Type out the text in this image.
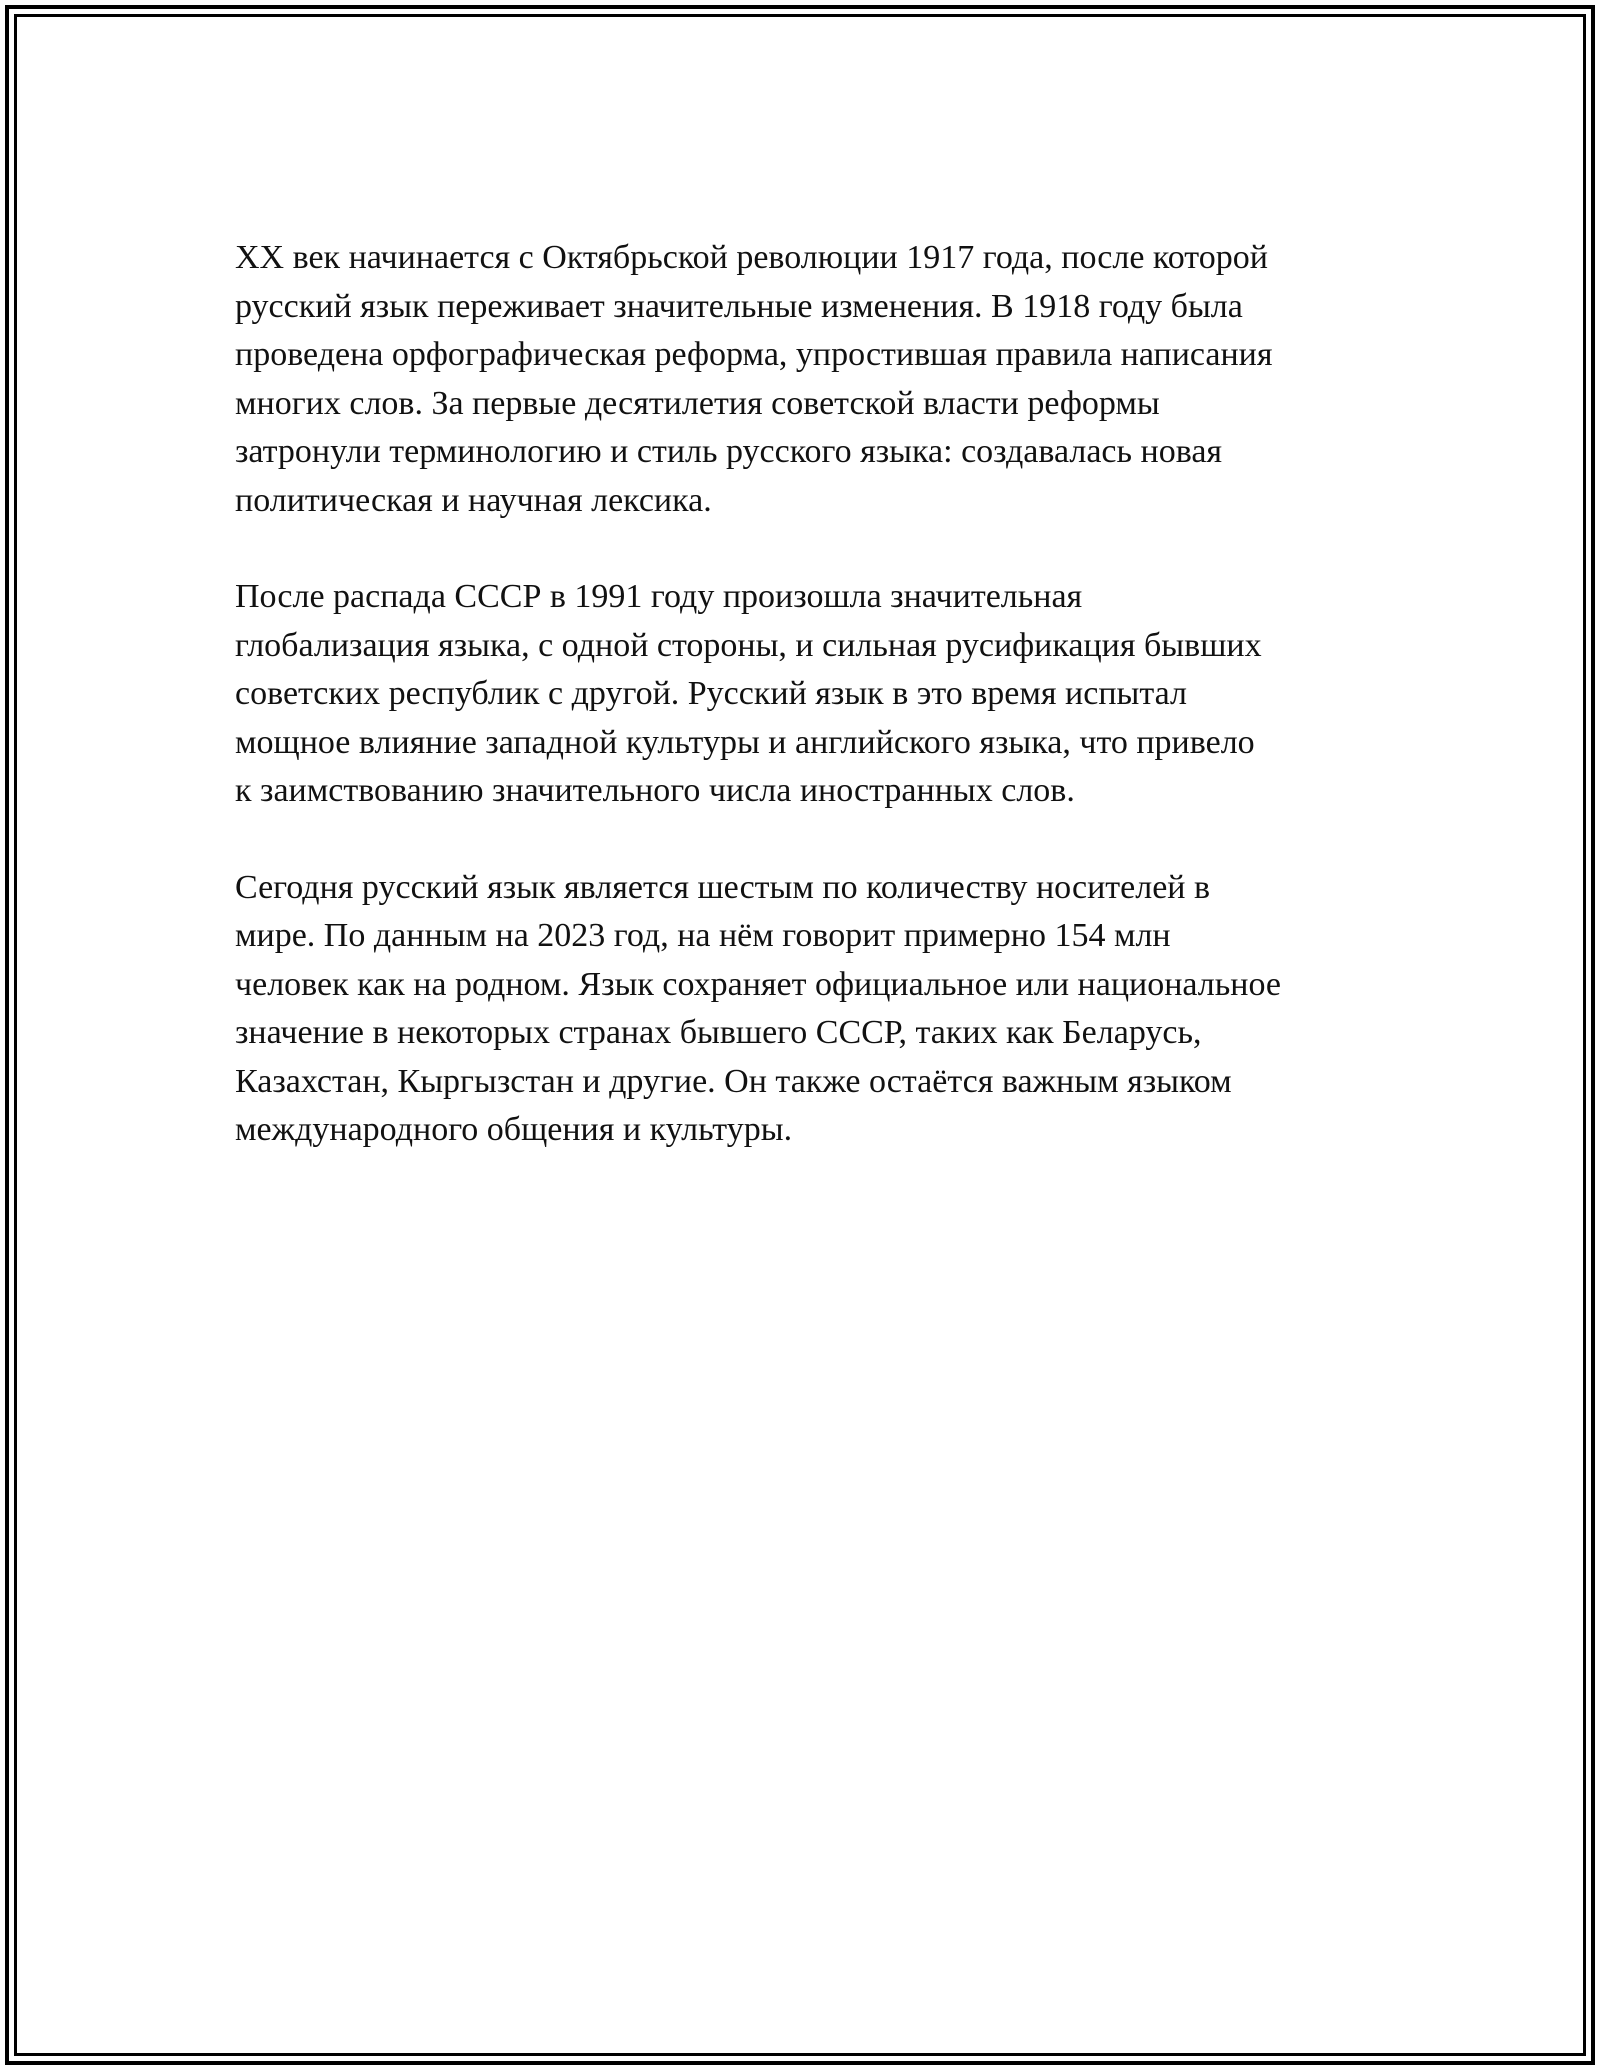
XX век начинается с Октябрьской революции 1917 года, после которой
русский язык переживает значительные изменения. В 1918 году была
проведена орфографическая реформа, упростившая правила написания
многих слов. За первые десятилетия советской власти реформы
затронули терминологию и стиль русского языка: создавалась новая
политическая и научная лексика.

После распада СССР в 1991 году произошла значительная
глобализация языка, с одной стороны, и сильная русификация бывших
советских республик с другой. Русский язык в это время испытал
мощное влияние западной культуры и английского языка, что привело
к заимствованию значительного числа иностранных слов.

Сегодня русский язык является шестым по количеству носителей в
мире. По данным на 2023 год, на нём говорит примерно 154 млн
человек как на родном. Язык сохраняет официальное или национальное
значение в некоторых странах бывшего СССР, таких как Беларусь,
Казахстан, Кыргызстан и другие. Он также остаётся важным языком
международного общения и культуры.
